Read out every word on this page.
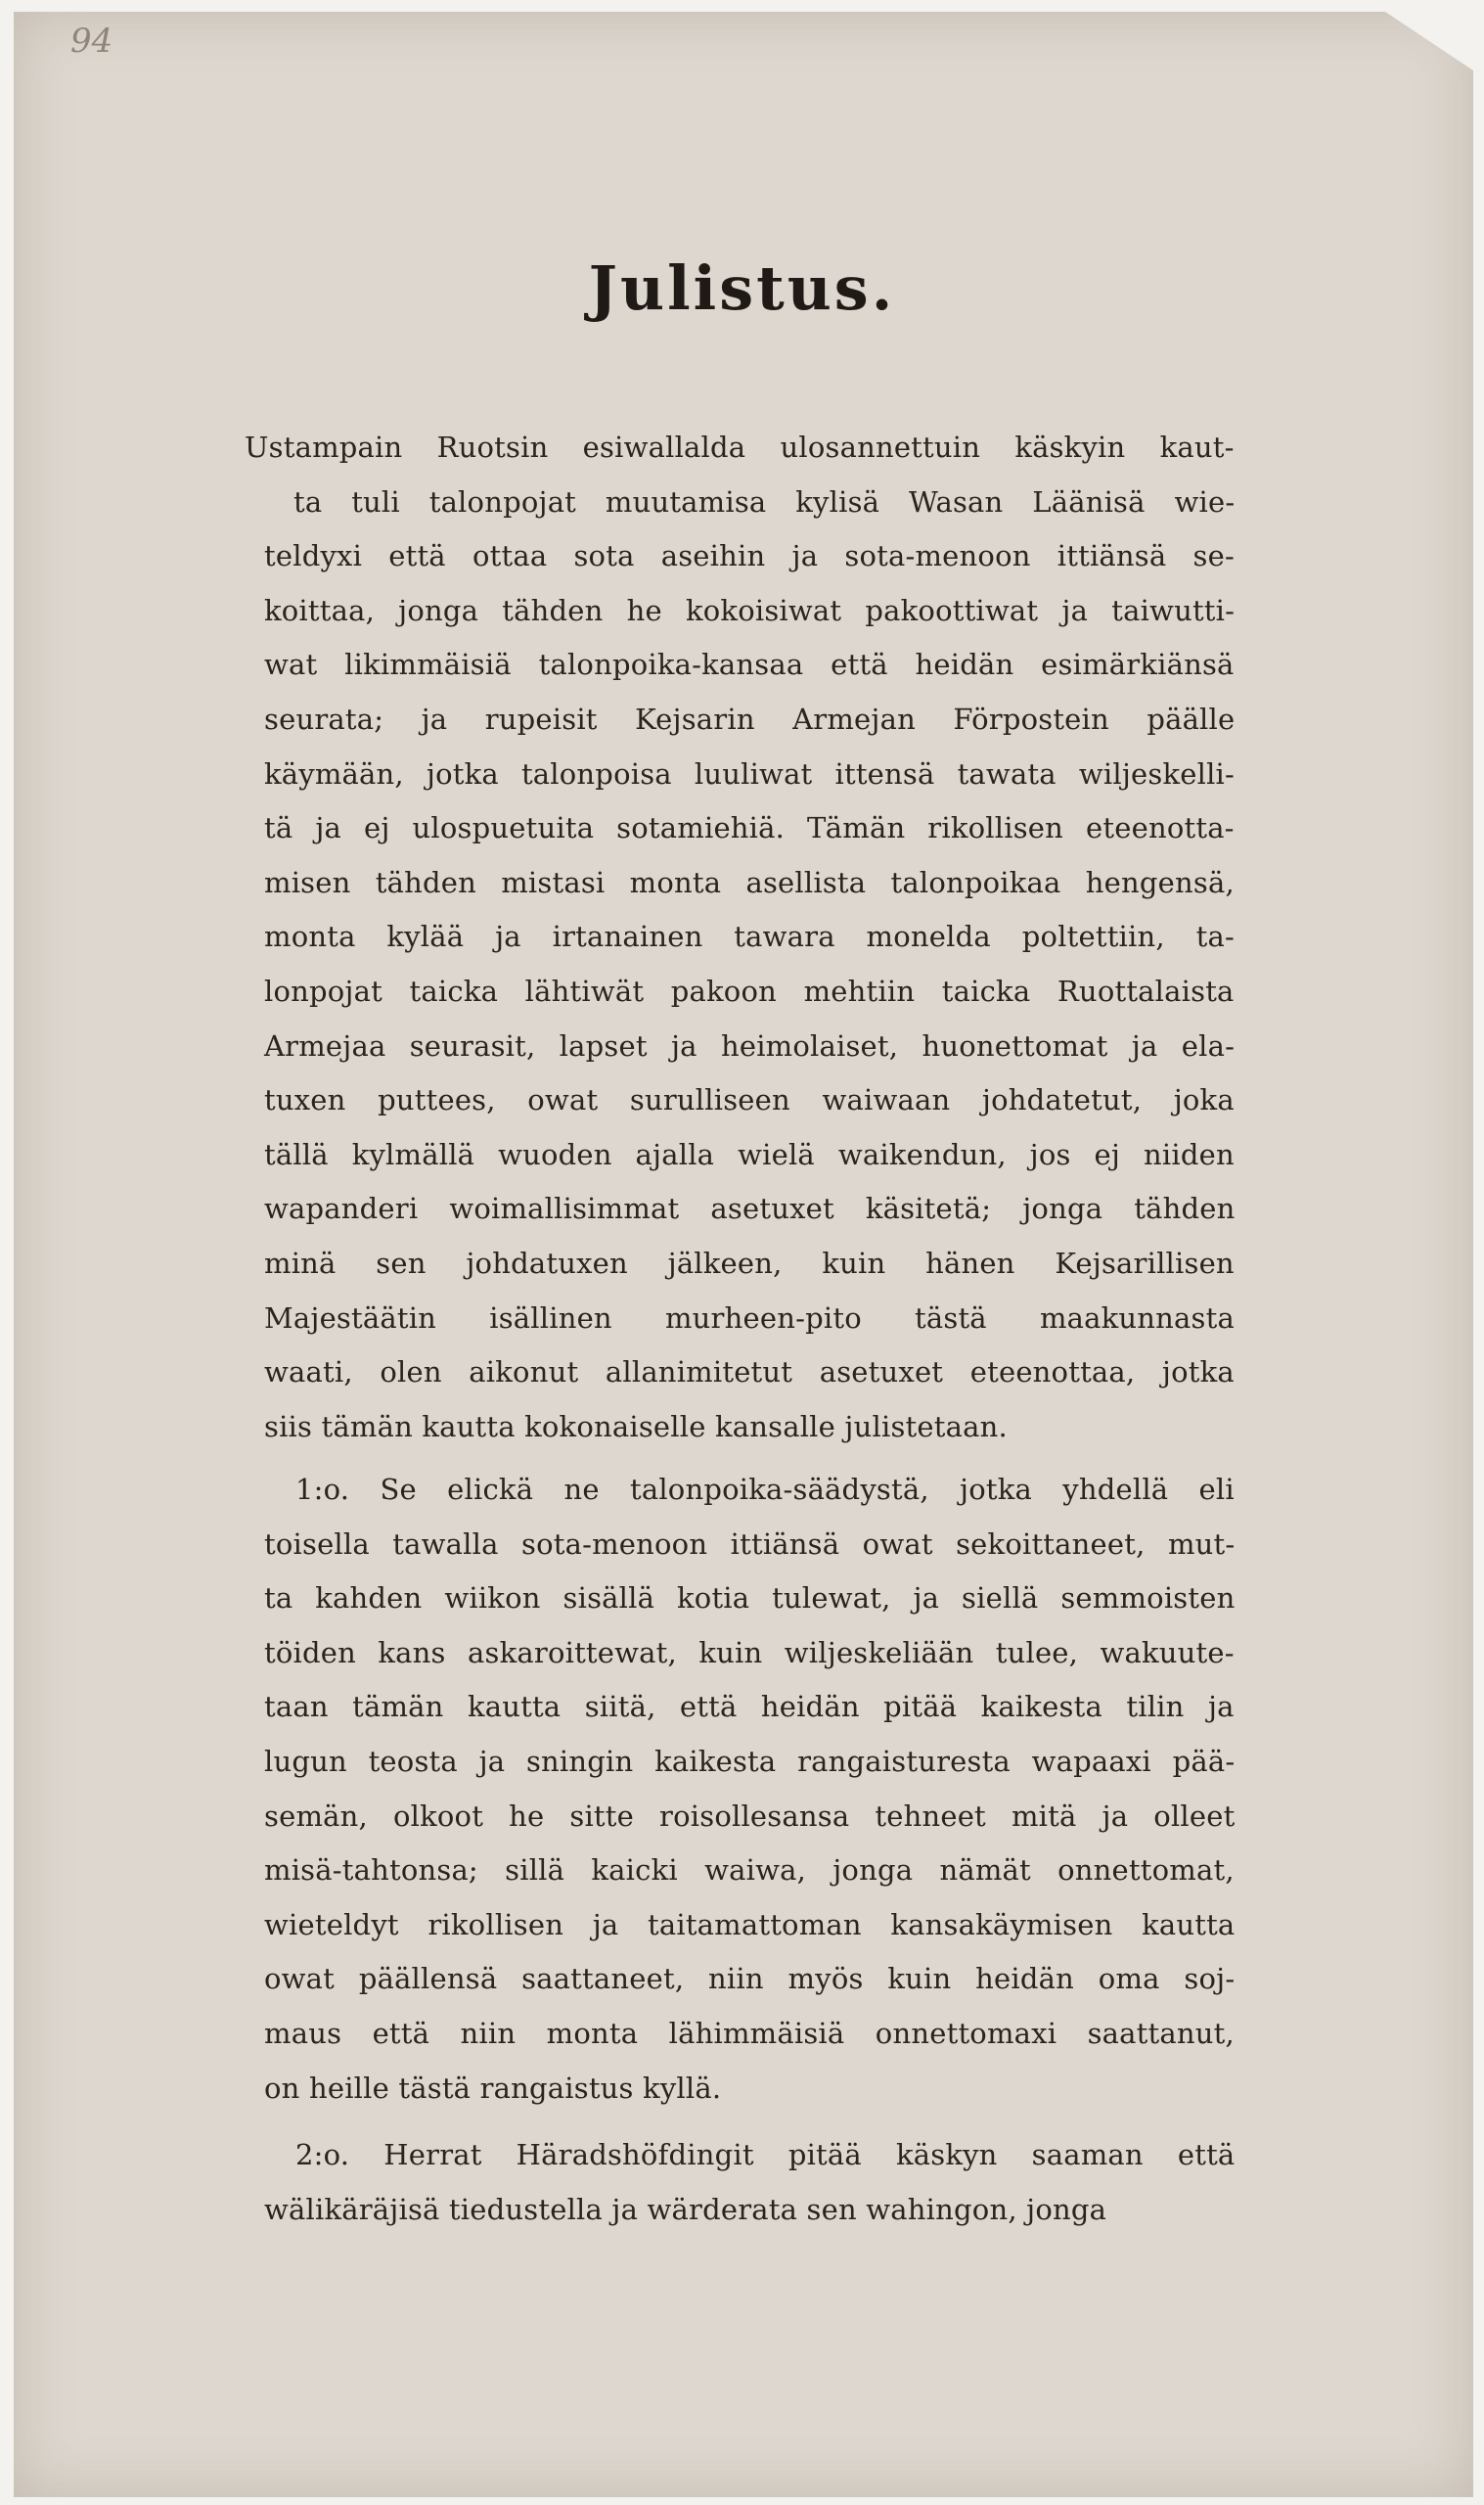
94
Julistus.
Ustampain Ruotsin esiwallalda ulosannettuin käskyin kaut-
ta tuli talonpojat muutamisa kylisä Wasan Läänisä wie-
teldyxi että ottaa sota aseihin ja sota-menoon ittiänsä se-
koittaa, jonga tähden he kokoisiwat pakoottiwat ja taiwutti-
wat likimmäisiä talonpoika-kansaa että heidän esimärkiänsä
seurata; ja rupeisit Kejsarin Armejan Förpostein päälle
käymään, jotka talonpoisa luuliwat ittensä tawata wiljeskelli-
tä ja ej ulospuetuita sotamiehiä. Tämän rikollisen eteenotta-
misen tähden mistasi monta asellista talonpoikaa hengensä,
monta kylää ja irtanainen tawara monelda poltettiin, ta-
lonpojat taicka lähtiwät pakoon mehtiin taicka Ruottalaista
Armejaa seurasit, lapset ja heimolaiset, huonettomat ja ela-
tuxen puttees, owat surulliseen waiwaan johdatetut, joka
tällä kylmällä wuoden ajalla wielä waikendun, jos ej niiden
wapanderi woimallisimmat asetuxet käsitetä; jonga tähden
minä sen johdatuxen jälkeen, kuin hänen Kejsarillisen
Majestäätin isällinen murheen-pito tästä maakunnasta
waati, olen aikonut allanimitetut asetuxet eteenottaa, jotka
siis tämän kautta kokonaiselle kansalle julistetaan.
1:o. Se elickä ne talonpoika-säädystä, jotka yhdellä eli
toisella tawalla sota-menoon ittiänsä owat sekoittaneet, mut-
ta kahden wiikon sisällä kotia tulewat, ja siellä semmoisten
töiden kans askaroittewat, kuin wiljeskeliään tulee, wakuute-
taan tämän kautta siitä, että heidän pitää kaikesta tilin ja
lugun teosta ja sningin kaikesta rangaisturesta wapaaxi pää-
semän, olkoot he sitte roisollesansa tehneet mitä ja olleet
misä-tahtonsa; sillä kaicki waiwa, jonga nämät onnettomat,
wieteldyt rikollisen ja taitamattoman kansakäymisen kautta
owat päällensä saattaneet, niin myös kuin heidän oma soj-
maus että niin monta lähimmäisiä onnettomaxi saattanut,
on heille tästä rangaistus kyllä.
2:o. Herrat Häradshöfdingit pitää käskyn saaman että
wälikäräjisä tiedustella ja wärderata sen wahingon, jonga
